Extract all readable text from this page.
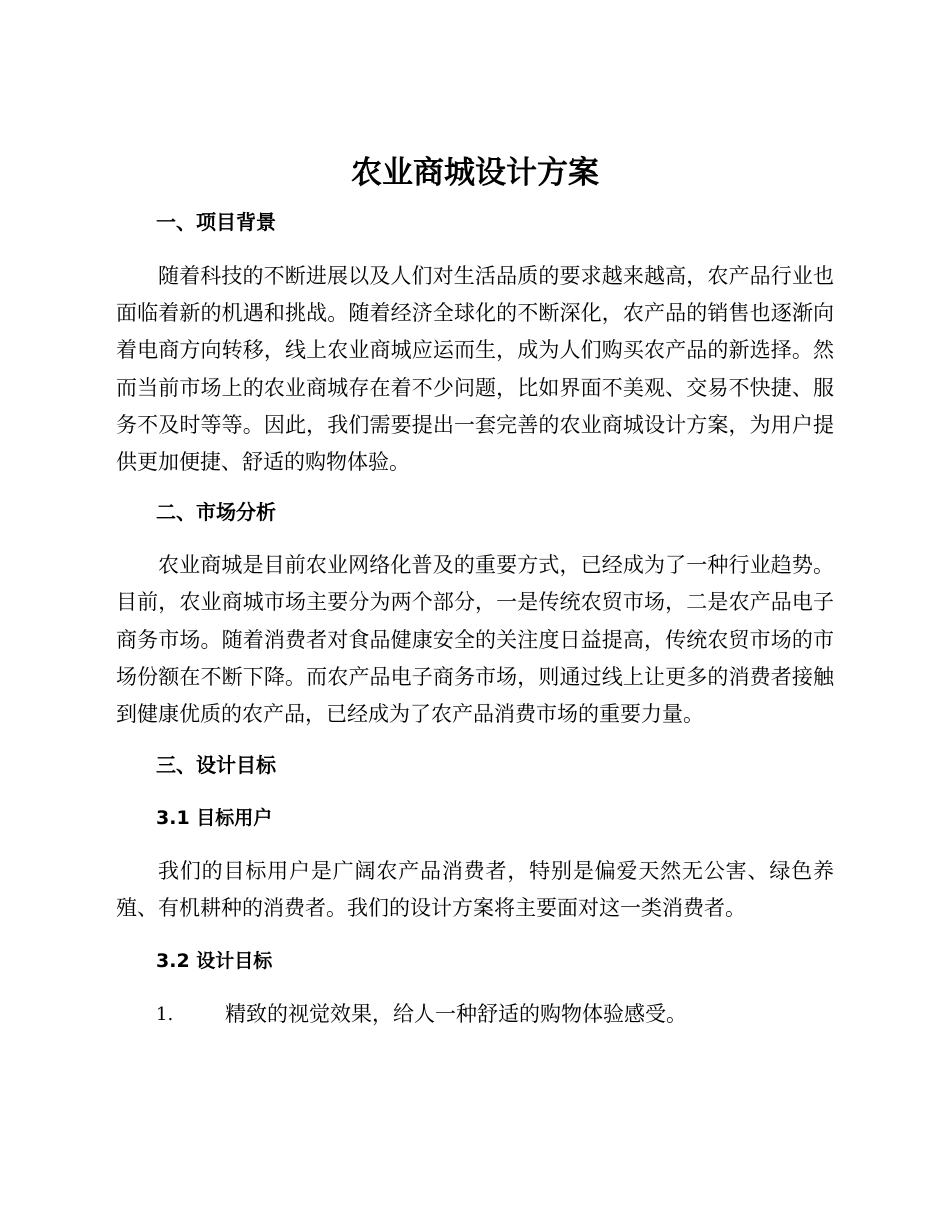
农业商城设计方案
一、项目背景

随着科技的不断进展以及人们对生活品质的要求越来越高，农产品行业也面临着新的机遇和挑战。随着经济全球化的不断深化，农产品的销售也逐渐向着电商方向转移，线上农业商城应运而生，成为人们购买农产品的新选择。然而当前市场上的农业商城存在着不少问题，比如界面不美观、交易不快捷、服务不及时等等。因此，我们需要提出一套完善的农业商城设计方案，为用户提供更加便捷、舒适的购物体验。

二、市场分析

农业商城是目前农业网络化普及的重要方式，已经成为了一种行业趋势。目前，农业商城市场主要分为两个部分，一是传统农贸市场，二是农产品电子商务市场。随着消费者对食品健康安全的关注度日益提高，传统农贸市场的市场份额在不断下降。而农产品电子商务市场，则通过线上让更多的消费者接触到健康优质的农产品，已经成为了农产品消费市场的重要力量。

三、设计目标
3.1 目标用户

我们的目标用户是广阔农产品消费者，特别是偏爱天然无公害、绿色养殖、有机耕种的消费者。我们的设计方案将主要面对这一类消费者。

3.2 设计目标
1.	精致的视觉效果，给人一种舒适的购物体验感受。
